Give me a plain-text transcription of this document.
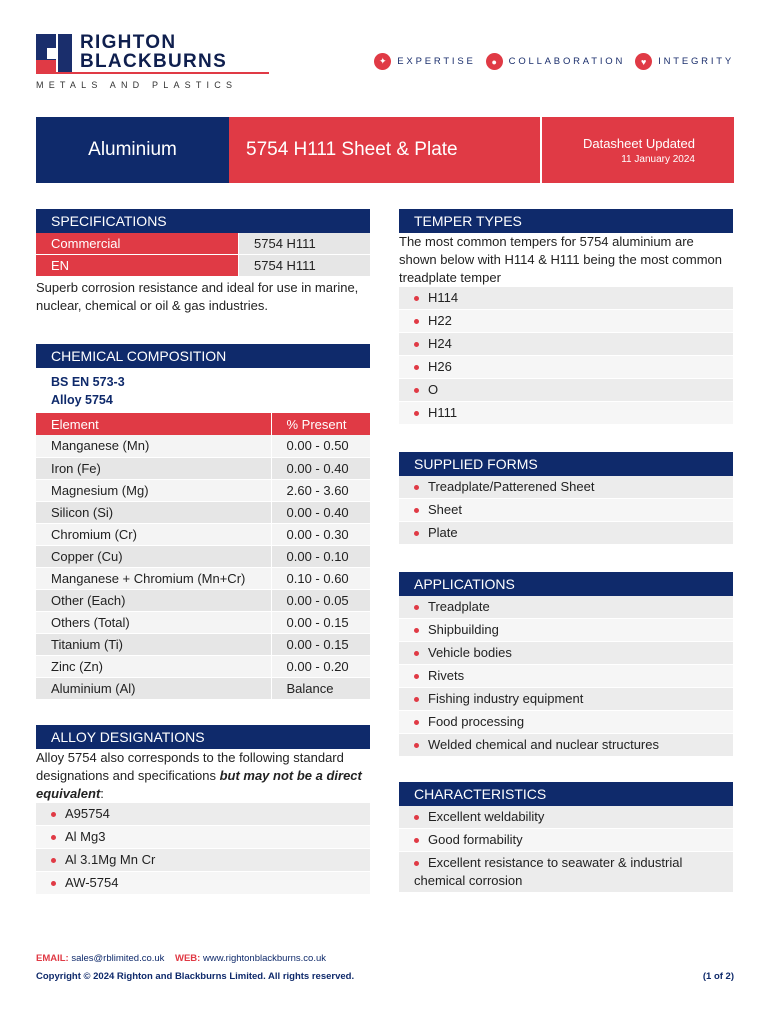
RIGHTON
BLACKBURNS
METALS AND PLASTICS
✦	EXPERTISE	●	COLLABORATION	♥	INTEGRITY
Aluminium	5754 H111 Sheet & Plate	Datasheet Updated
11 January 2024
SPECIFICATIONS
Commercial	5754 H111
EN	5754 H111

Superb corrosion resistance and ideal for use in marine, nuclear, chemical or oil & gas industries.

CHEMICAL COMPOSITION
BS EN 573-3
Alloy 5754
Element	% Present
Manganese (Mn)	0.00 - 0.50
Iron (Fe)	0.00 - 0.40
Magnesium (Mg)	2.60 - 3.60
Silicon (Si)	0.00 - 0.40
Chromium (Cr)	0.00 - 0.30
Copper (Cu)	0.00 - 0.10
Manganese + Chromium (Mn+Cr)	0.10 - 0.60
Other (Each)	0.00 - 0.05
Others (Total)	0.00 - 0.15
Titanium (Ti)	0.00 - 0.15
Zinc (Zn)	0.00 - 0.20
Aluminium (Al)	Balance
ALLOY DESIGNATIONS

Alloy 5754 also corresponds to the following standard designations and specifications but may not be a direct equivalent:

A95754
Al Mg3
Al 3.1Mg Mn Cr
AW-5754
TEMPER TYPES

The most common tempers for 5754 aluminium are shown below with H114 & H111 being the most common treadplate temper

H114
H22
H24
H26
O
H111
SUPPLIED FORMS
Treadplate/Patterened Sheet
Sheet
Plate
APPLICATIONS
Treadplate
Shipbuilding
Vehicle bodies
Rivets
Fishing industry equipment
Food processing
Welded chemical and nuclear structures
CHARACTERISTICS
Excellent weldability
Good formability
Excellent resistance to seawater & industrial chemical corrosion
EMAIL: sales@rblimited.co.uk WEB: www.rightonblackburns.co.uk
Copyright © 2024 Righton and Blackburns Limited. All rights reserved.	(1 of 2)
